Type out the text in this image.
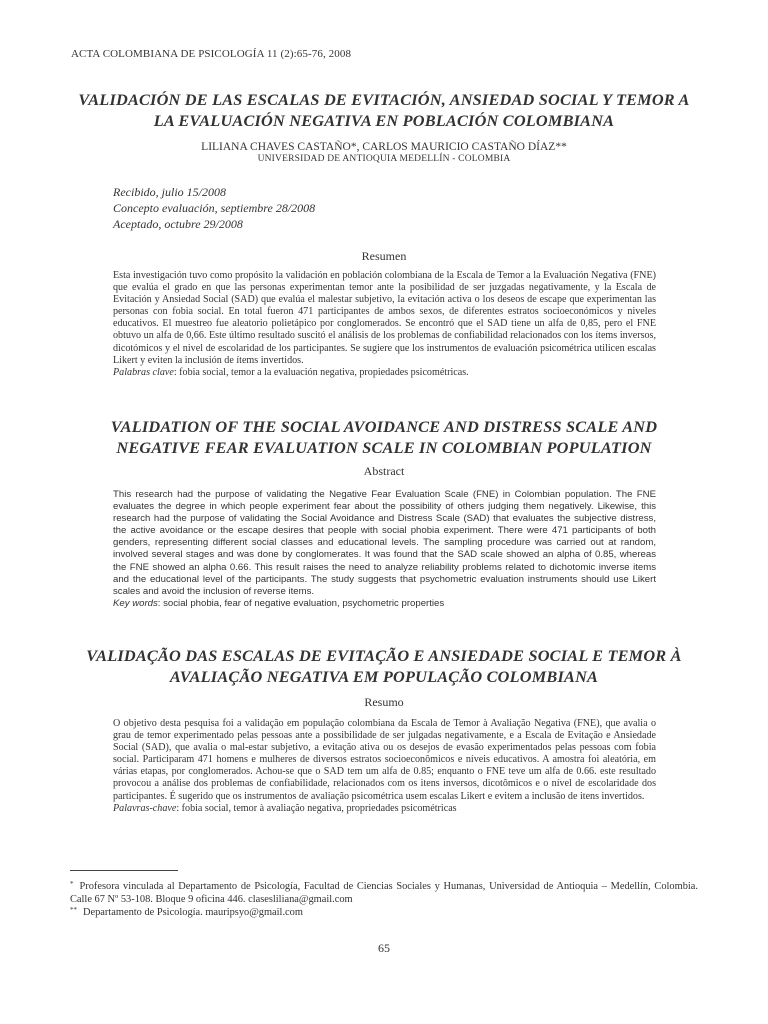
ACTA COLOMBIANA DE PSICOLOGÍA 11 (2):65-76, 2008
VALIDACIÓN DE LAS ESCALAS DE EVITACIÓN, ANSIEDAD SOCIAL Y TEMOR A LA EVALUACIÓN NEGATIVA EN POBLACIÓN COLOMBIANA
LILIANA CHAVES CASTAÑO*, CARLOS MAURICIO CASTAÑO DÍAZ**
UNIVERSIDAD DE ANTIOQUIA MEDELLÍN - COLOMBIA
Recibido, julio 15/2008
Concepto evaluación, septiembre 28/2008
Aceptado, octubre 29/2008
Resumen

Esta investigación tuvo como propósito la validación en población colombiana de la Escala de Temor a la Evaluación Negativa (FNE) que evalúa el grado en que las personas experimentan temor ante la posibilidad de ser juzgadas negativamente, y la Escala de Evitación y Ansiedad Social (SAD) que evalúa el malestar subjetivo, la evitación activa o los deseos de escape que experimentan las personas con fobia social. En total fueron 471 participantes de ambos sexos, de diferentes estratos socioeconómicos y niveles educativos. El muestreo fue aleatorio polietápico por conglomerados. Se encontró que el SAD tiene un alfa de 0,85, pero el FNE obtuvo un alfa de 0,66. Este último resultado suscitó el análisis de los problemas de confiabilidad relacionados con los ítems inversos, dicotómicos y el nivel de escolaridad de los participantes. Se sugiere que los instrumentos de evaluación psicométrica utilicen escalas Likert y eviten la inclusión de ítems invertidos.
Palabras clave: fobia social, temor a la evaluación negativa, propiedades psicométricas.

VALIDATION OF THE SOCIAL AVOIDANCE AND DISTRESS SCALE AND NEGATIVE FEAR EVALUATION SCALE IN COLOMBIAN POPULATION
Abstract

This research had the purpose of validating the Negative Fear Evaluation Scale (FNE) in Colombian population. The FNE evaluates the degree in which people experiment fear about the possibility of others judging them negatively. Likewise, this research had the purpose of validating the Social Avoidance and Distress Scale (SAD) that evaluates the subjective distress, the active avoidance or the escape desires that people with social phobia experiment. There were 471 participants of both genders, representing different social classes and educational levels. The sampling procedure was carried out at random, involved several stages and was done by conglomerates. It was found that the SAD scale showed an alpha of 0.85, whereas the FNE showed an alpha 0.66. This result raises the need to analyze reliability problems related to dichotomic inverse items and the educational level of the participants. The study suggests that psychometric evaluation instruments should use Likert scales and avoid the inclusion of reverse items.
Key words: social phobia, fear of negative evaluation, psychometric properties

VALIDAÇÃO DAS ESCALAS DE EVITAÇÃO E ANSIEDADE SOCIAL E TEMOR À AVALIAÇÃO NEGATIVA EM POPULAÇÃO COLOMBIANA
Resumo

O objetivo desta pesquisa foi a validação em população colombiana da Escala de Temor à Avaliação Negativa (FNE), que avalia o grau de temor experimentado pelas pessoas ante a possibilidade de ser julgadas negativamente, e a Escala de Evitação e Ansiedade Social (SAD), que avalia o mal-estar subjetivo, a evitação ativa ou os desejos de evasão experimentados pelas pessoas com fobia social. Participaram 471 homens e mulheres de diversos estratos socioeconômicos e níveis educativos. A amostra foi aleatória, em várias etapas, por conglomerados. Achou-se que o SAD tem um alfa de 0.85; enquanto o FNE teve um alfa de 0.66. este resultado provocou a análise dos problemas de confiabilidade, relacionados com os itens inversos, dicotômicos e o nível de escolaridade dos participantes. É sugerido que os instrumentos de avaliação psicométrica usem escalas Likert e evitem a inclusão de itens invertidos.
Palavras-chave: fobia social, temor à avaliação negativa, propriedades psicométricas

* Profesora vinculada al Departamento de Psicología, Facultad de Ciencias Sociales y Humanas, Universidad de Antioquia – Medellín, Colombia. Calle 67 Nº 53-108. Bloque 9 oficina 446. clasesliliana@gmail.com

** Departamento de Psicología. mauripsyo@gmail.com

65
